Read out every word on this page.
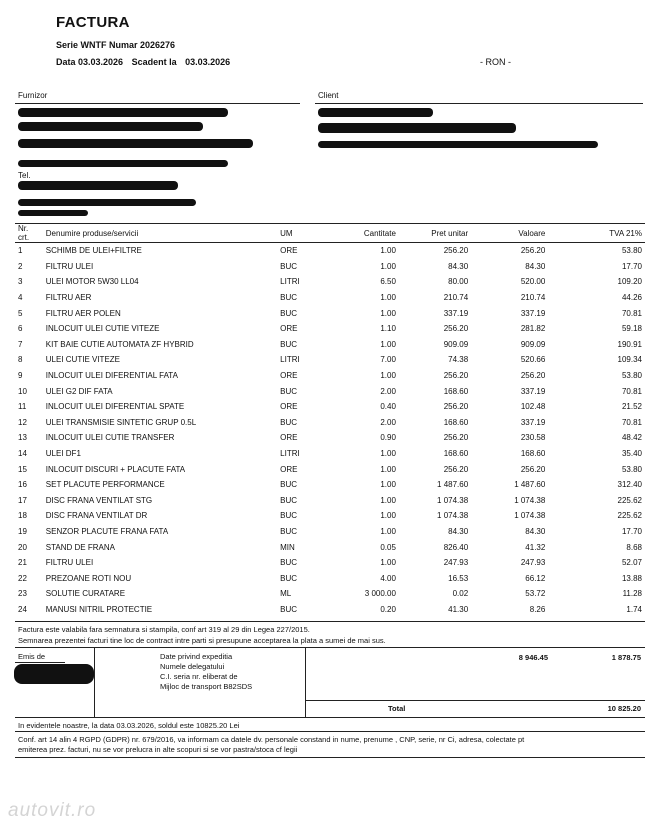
FACTURA
Serie WNTF Numar 2026276
Data 03.03.2026 Scadent la 03.03.2026	- RON -
Furnizor	Client
Tel.
Nr. crt.	Denumire produse/servicii	UM	Cantitate	Pret unitar	Valoare	TVA 21%
1	SCHIMB DE ULEI+FILTRE	ORE	1.00	256.20	256.20	53.80
2	FILTRU ULEI	BUC	1.00	84.30	84.30	17.70
3	ULEI MOTOR 5W30 LL04	LITRI	6.50	80.00	520.00	109.20
4	FILTRU AER	BUC	1.00	210.74	210.74	44.26
5	FILTRU AER POLEN	BUC	1.00	337.19	337.19	70.81
6	INLOCUIT ULEI CUTIE VITEZE	ORE	1.10	256.20	281.82	59.18
7	KIT BAIE CUTIE AUTOMATA ZF HYBRID	BUC	1.00	909.09	909.09	190.91
8	ULEI CUTIE VITEZE	LITRI	7.00	74.38	520.66	109.34
9	INLOCUIT ULEI DIFERENTIAL FATA	ORE	1.00	256.20	256.20	53.80
10	ULEI G2 DIF FATA	BUC	2.00	168.60	337.19	70.81
11	INLOCUIT ULEI DIFERENTIAL SPATE	ORE	0.40	256.20	102.48	21.52
12	ULEI TRANSMISIE SINTETIC GRUP 0.5L	BUC	2.00	168.60	337.19	70.81
13	INLOCUIT ULEI CUTIE TRANSFER	ORE	0.90	256.20	230.58	48.42
14	ULEI DF1	LITRI	1.00	168.60	168.60	35.40
15	INLOCUIT DISCURI + PLACUTE FATA	ORE	1.00	256.20	256.20	53.80
16	SET PLACUTE PERFORMANCE	BUC	1.00	1 487.60	1 487.60	312.40
17	DISC FRANA VENTILAT STG	BUC	1.00	1 074.38	1 074.38	225.62
18	DISC FRANA VENTILAT DR	BUC	1.00	1 074.38	1 074.38	225.62
19	SENZOR PLACUTE FRANA FATA	BUC	1.00	84.30	84.30	17.70
20	STAND DE FRANA	MIN	0.05	826.40	41.32	8.68
21	FILTRU ULEI	BUC	1.00	247.93	247.93	52.07
22	PREZOANE ROTI NOU	BUC	4.00	16.53	66.12	13.88
23	SOLUTIE CURATARE	ML	3 000.00	0.02	53.72	11.28
24	MANUSI NITRIL PROTECTIE	BUC	0.20	41.30	8.26	1.74
Factura este valabila fara semnatura si stampila, conf art 319 al 29 din Legea 227/2015.
Semnarea prezentei facturi tine loc de contract intre parti si presupune acceptarea la plata a sumei de mai sus.
Emis de	Date privind expeditia
Numele delegatului
C.I. seria nr. eliberat de
Mijloc de transport B82SDS
8 946.45	1 878.75
Total	10 825.20
In evidentele noastre, la data 03.03.2026, soldul este 10825.20 Lei
Conf. art 14 alin 4 RGPD (GDPR) nr. 679/2016, va informam ca datele dv. personale constand in nume, prenume , CNP, serie, nr Ci, adresa, colectate pt
emiterea prez. facturi, nu se vor prelucra in alte scopuri si se vor pastra/stoca cf legii
autovit.ro
